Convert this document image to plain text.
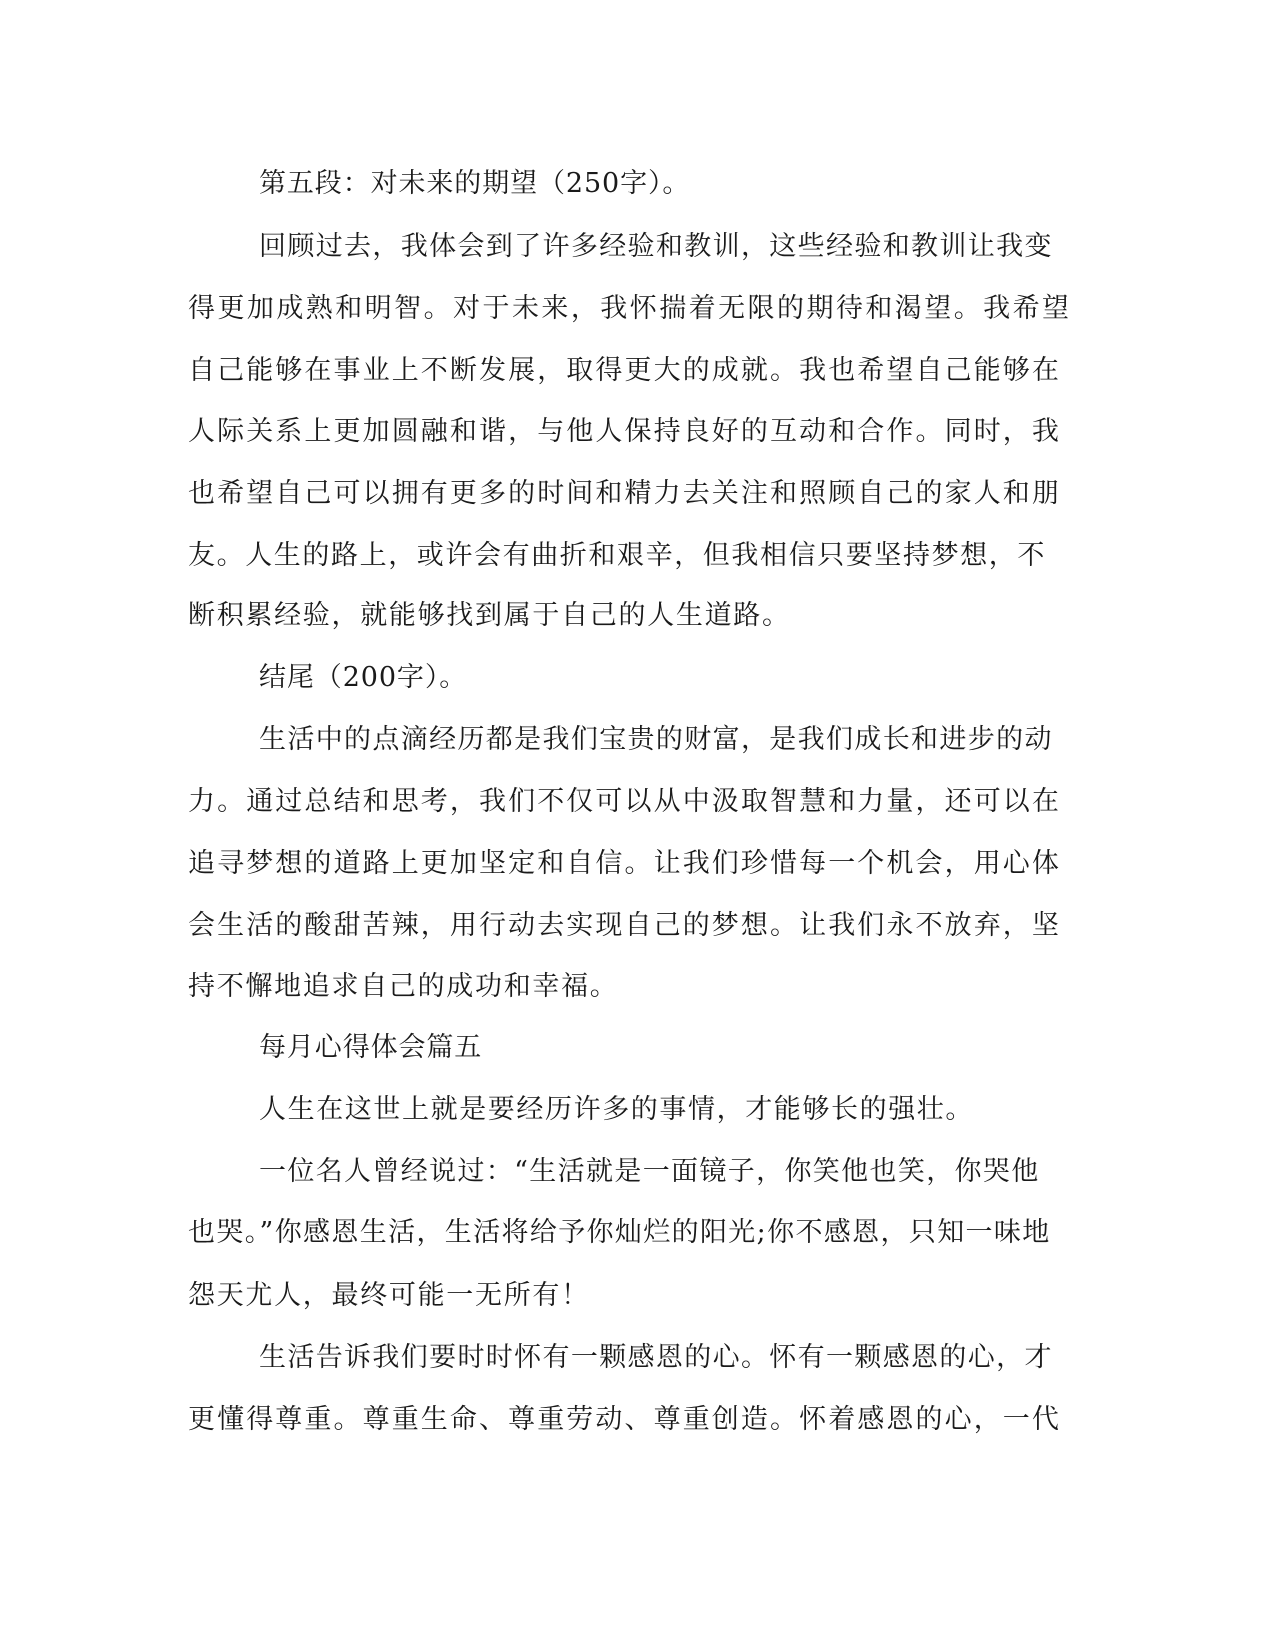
第五段：对未来的期望（250字）。
回顾过去，我体会到了许多经验和教训，这些经验和教训让我变
得更加成熟和明智。对于未来，我怀揣着无限的期待和渴望。我希望
自己能够在事业上不断发展，取得更大的成就。我也希望自己能够在
人际关系上更加圆融和谐，与他人保持良好的互动和合作。同时，我
也希望自己可以拥有更多的时间和精力去关注和照顾自己的家人和朋
友。人生的路上，或许会有曲折和艰辛，但我相信只要坚持梦想，不
断积累经验，就能够找到属于自己的人生道路。
结尾（200字）。
生活中的点滴经历都是我们宝贵的财富，是我们成长和进步的动
力。通过总结和思考，我们不仅可以从中汲取智慧和力量，还可以在
追寻梦想的道路上更加坚定和自信。让我们珍惜每一个机会，用心体
会生活的酸甜苦辣，用行动去实现自己的梦想。让我们永不放弃，坚
持不懈地追求自己的成功和幸福。
每月心得体会篇五
人生在这世上就是要经历许多的事情，才能够长的强壮。
一位名人曾经说过：“生活就是一面镜子，你笑他也笑，你哭他
也哭。”你感恩生活，生活将给予你灿烂的阳光;你不感恩，只知一味地
怨天尤人，最终可能一无所有！
生活告诉我们要时时怀有一颗感恩的心。怀有一颗感恩的心，才
更懂得尊重。尊重生命、尊重劳动、尊重创造。怀着感恩的心，一代
